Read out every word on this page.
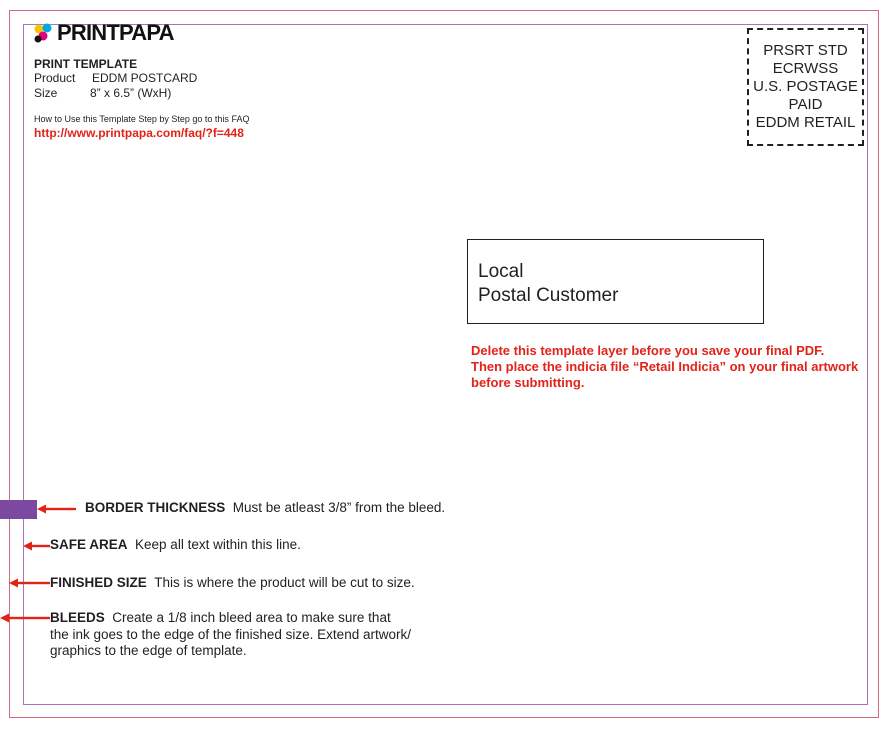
PRINTPAPA
PRINT TEMPLATE
Product EDDM POSTCARD
Size	8” x 6.5” (WxH)
How to Use this Template Step by Step go to this FAQ
http://www.printpapa.com/faq/?f=448
PRSRT STD
ECRWSS
U.S. POSTAGE
PAID
EDDM RETAIL
Local
Postal Customer
Delete this template layer before you save your final PDF.
Then place the indicia file “Retail Indicia” on your final artwork
before submitting.
BORDER THICKNESS Must be atleast 3/8” from the bleed.
SAFE AREA Keep all text within this line.
FINISHED SIZE This is where the product will be cut to size.
BLEEDS Create a 1/8 inch bleed area to make sure that
the ink goes to the edge of the finished size. Extend artwork/
graphics to the edge of template.
